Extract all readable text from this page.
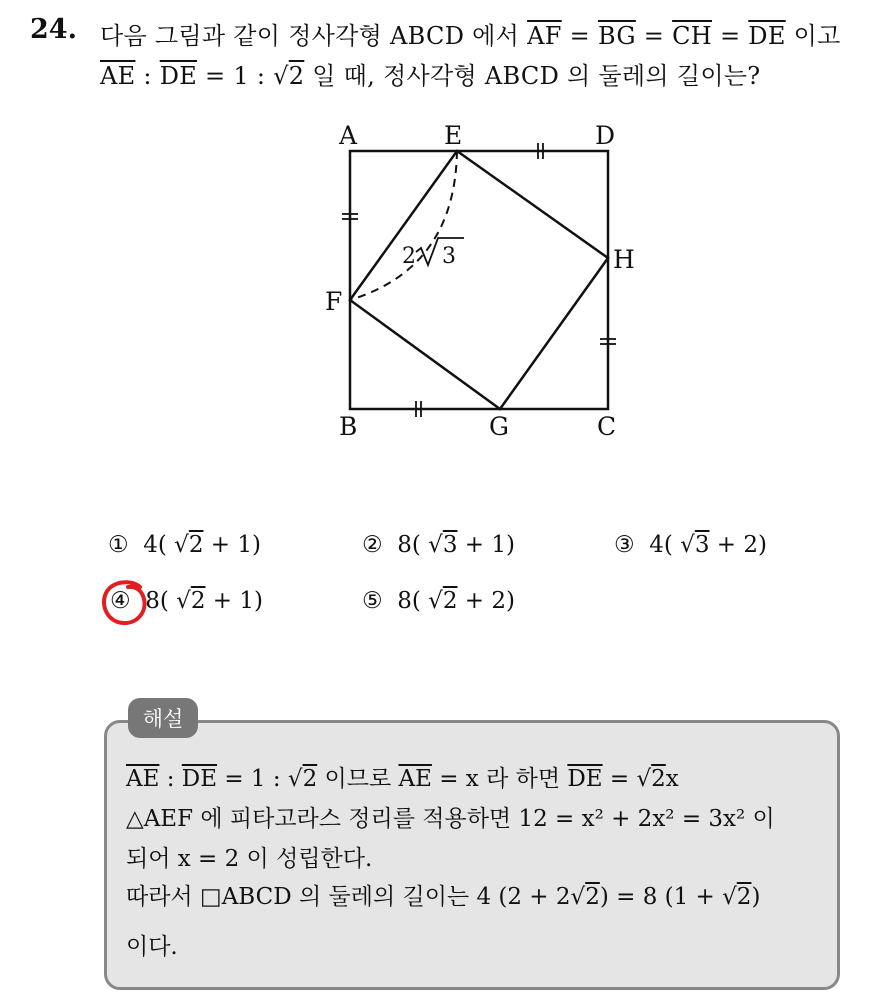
24. 다음 그림과 같이 정사각형 ABCD 에서 $\overline{AF} = \overline{BG} = \overline{CH} = \overline{DE}$ 이고
$\overline{AE}$ : $\overline{DE} = 1$ : √2 일 때, 정사각형 ABCD 의 둘레의 길이는?
A	E	D
H
F
B	G	C
2 3
① 4( √2 + 1)	② 8( √3 + 1)	③ 4( √3 + 2)
④ 8( √2 + 1)	⑤ 8( √2 + 2)
해설
$\overline{AE}$ : $\overline{DE} = 1$ : √2 이므로 $\overline{AE} = x$ 라 하면 $\overline{DE} = √2x$
△AEF 에 피타고라스 정리를 적용하면 12 = x² + 2x² = 3x² 이
되어 x = 2 이 성립한다.
따라서 □ABCD 의 둘레의 길이는 4 (2 + 2√2) = 8 (1 + √2)
이다.
